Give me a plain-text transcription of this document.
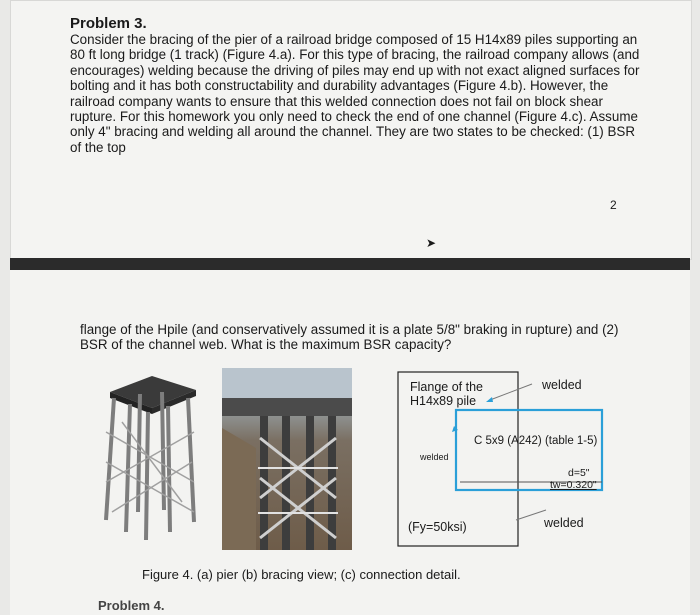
Problem 3.
Consider the bracing of the pier of a railroad bridge composed of 15 H14x89 piles supporting an 80 ft long bridge (1 track) (Figure 4.a). For this type of bracing, the railroad company allows (and encourages) welding because the driving of piles may end up with not exact aligned surfaces for bolting and it has both constructability and durability advantages (Figure 4.b). However, the railroad company wants to ensure that this welded connection does not fail on block shear rupture. For this homework you only need to check the end of one channel (Figure 4.c). Assume only 4" bracing and welding all around the channel. They are two states to be checked: (1) BSR of the top
2
➤
flange of the Hpile (and conservatively assumed it is a plate 5/8" braking in rupture) and (2) BSR of the channel web. What is the maximum BSR capacity?
Flange of the H14x89 pile
welded
C 5x9 (A242) (table 1-5)
welded
d=5"
tw=0.320"
(Fy=50ksi)	welded
Figure 4. (a) pier (b) bracing view; (c) connection detail.
Problem 4.
